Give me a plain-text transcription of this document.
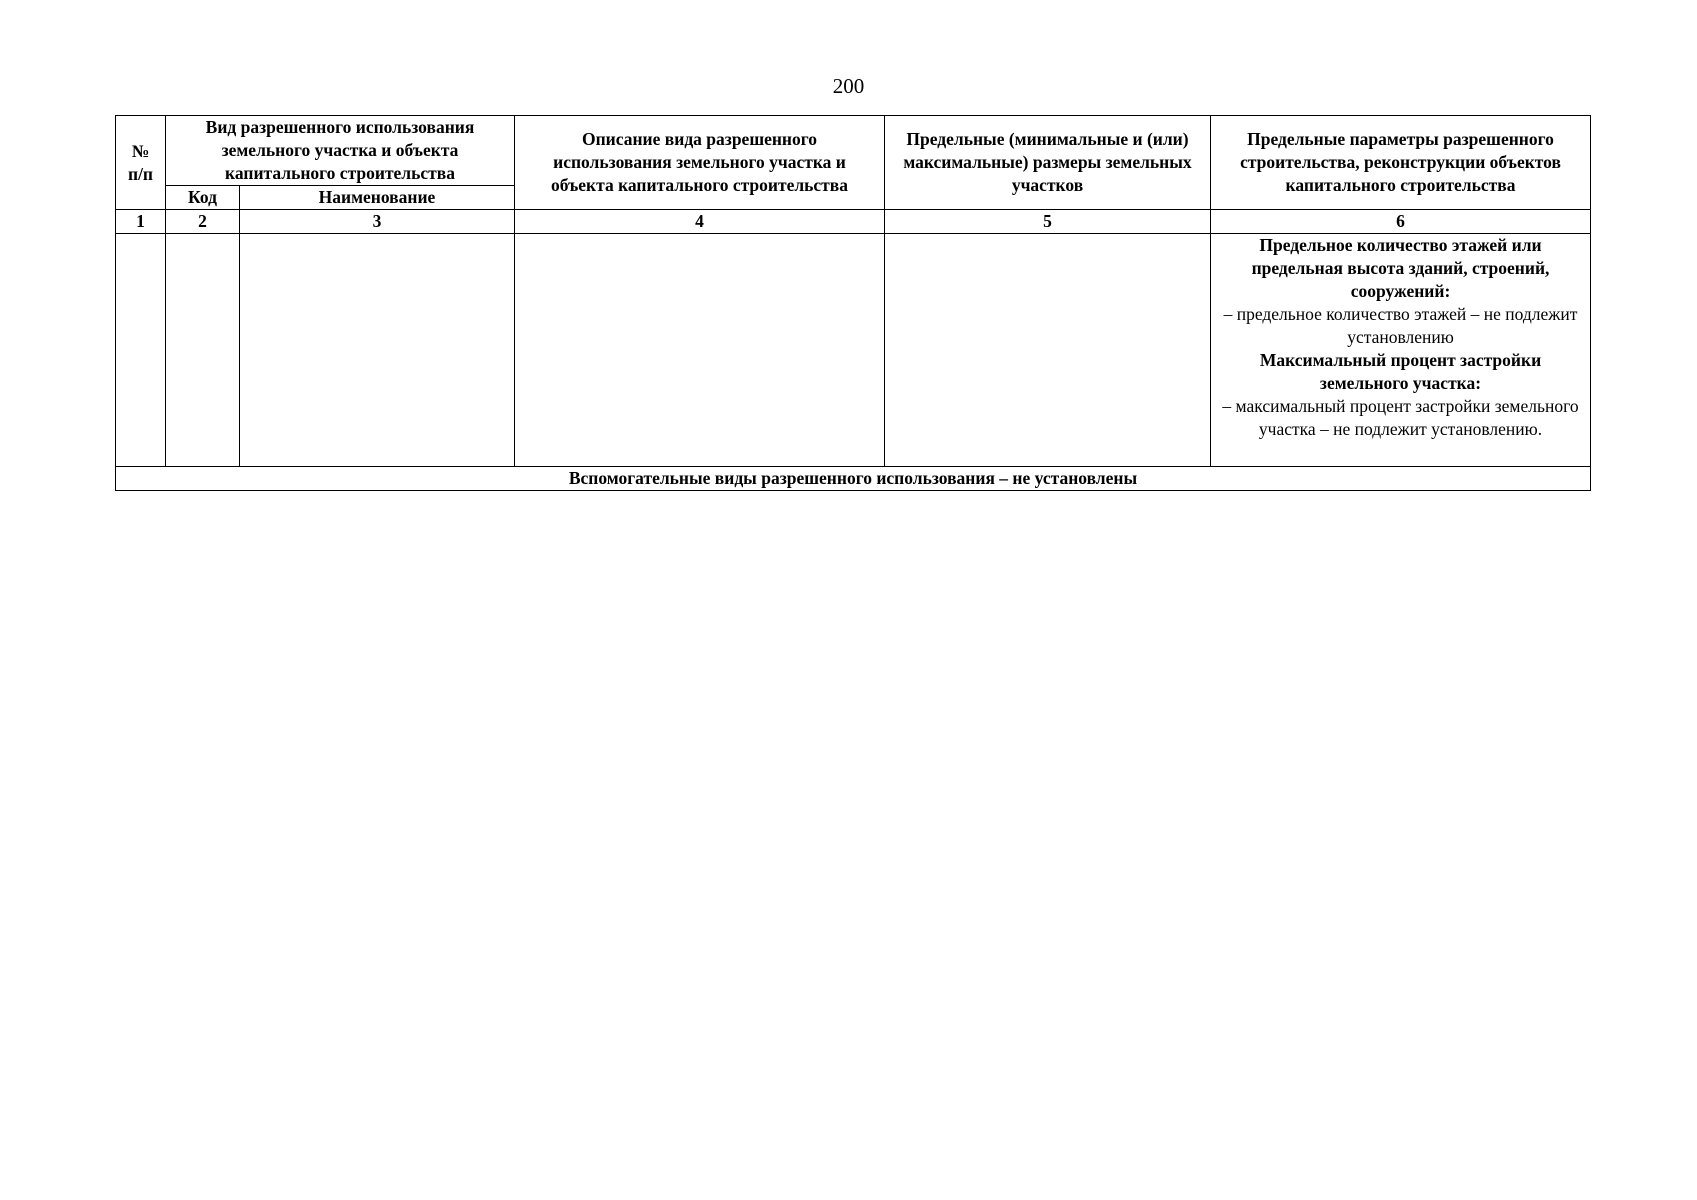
200
№ п/п	Вид разрешенного использования земельного участка и объекта капитального строительства		Описание вида разрешенного использования земельного участка и объекта капитального строительства	Предельные (минимальные и (или) максимальные) размеры земельных участков	Предельные параметры разрешенного строительства, реконструкции объектов капитального строительства
	Код	Наименование			
1	2	3	4	5	6

					Предельное количество этажей или предельная высота зданий, строений, сооружений:

– предельное количество этажей – не подлежит установлению

Максимальный процент застройки земельного участка:

– максимальный процент застройки земельного участка – не подлежит установлению.

Вспомогательные виды разрешенного использования – не установлены					
